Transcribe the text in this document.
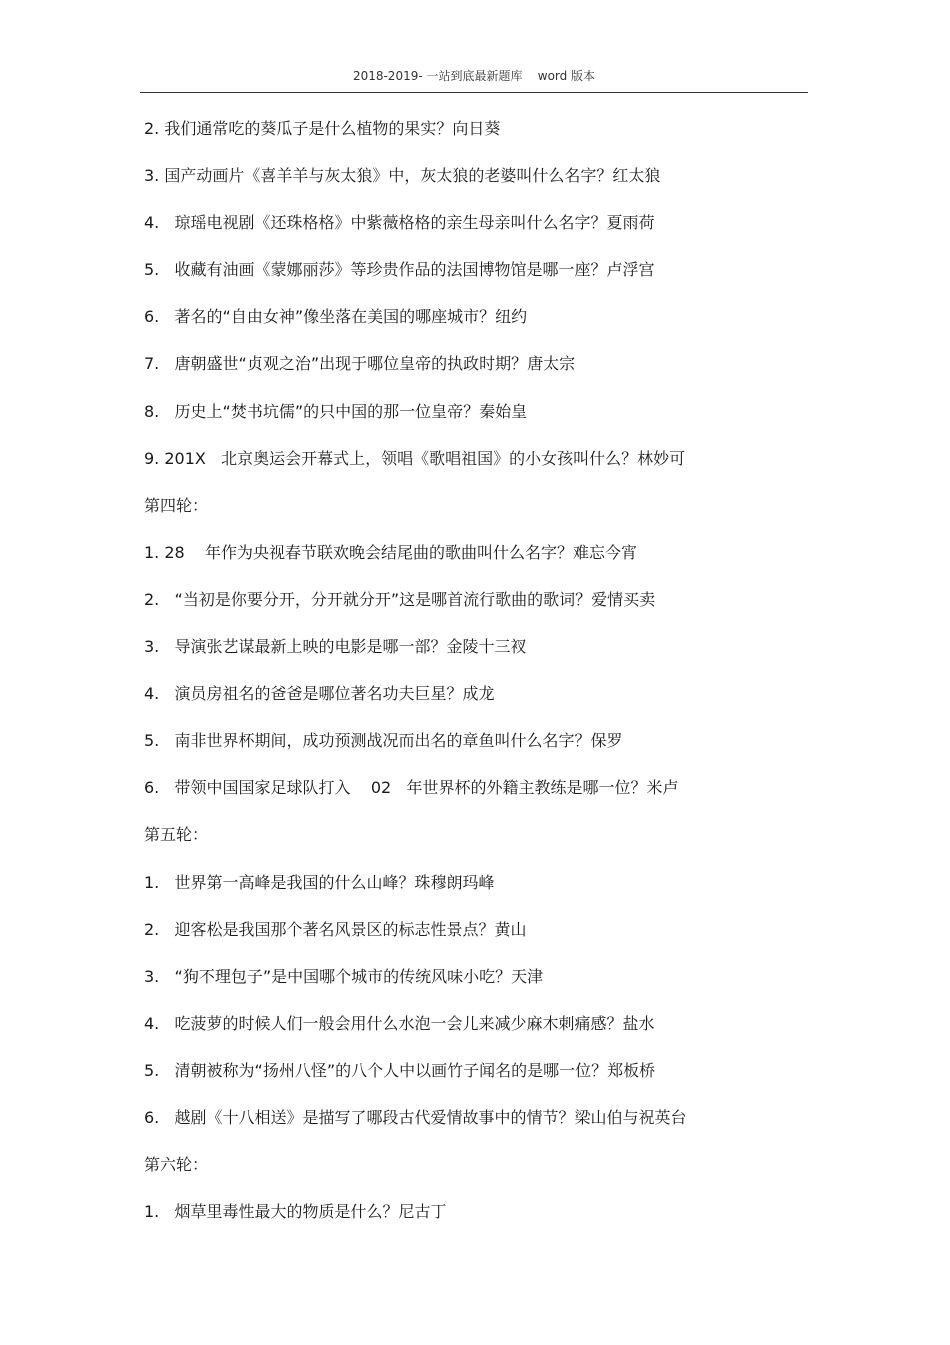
2018-2019- 一站到底最新题库    word 版本
2. 我们通常吃的葵瓜子是什么植物的果实？向日葵
3. 国产动画片《喜羊羊与灰太狼》中，灰太狼的老婆叫什么名字？红太狼
4.   琼瑶电视剧《还珠格格》中紫薇格格的亲生母亲叫什么名字？夏雨荷
5.   收藏有油画《蒙娜丽莎》等珍贵作品的法国博物馆是哪一座？卢浮宫
6.   著名的“自由女神”像坐落在美国的哪座城市？纽约
7.   唐朝盛世“贞观之治”出现于哪位皇帝的执政时期？唐太宗
8.   历史上“焚书坑儒”的只中国的那一位皇帝？秦始皇
9. 201X   北京奥运会开幕式上，领唱《歌唱祖国》的小女孩叫什么？林妙可
第四轮：
1. 28    年作为央视春节联欢晚会结尾曲的歌曲叫什么名字？难忘今宵
2.   “当初是你要分开，分开就分开”这是哪首流行歌曲的歌词？爱情买卖
3.   导演张艺谋最新上映的电影是哪一部？金陵十三衩
4.   演员房祖名的爸爸是哪位著名功夫巨星？成龙
5.   南非世界杯期间，成功预测战况而出名的章鱼叫什么名字？保罗
6.   带领中国国家足球队打入    02   年世界杯的外籍主教练是哪一位？米卢
第五轮：
1.   世界第一高峰是我国的什么山峰？珠穆朗玛峰
2.   迎客松是我国那个著名风景区的标志性景点？黄山
3.   “狗不理包子”是中国哪个城市的传统风味小吃？天津
4.   吃菠萝的时候人们一般会用什么水泡一会儿来减少麻木刺痛感？盐水
5.   清朝被称为“扬州八怪”的八个人中以画竹子闻名的是哪一位？郑板桥
6.   越剧《十八相送》是描写了哪段古代爱情故事中的情节？梁山伯与祝英台
第六轮：
1.   烟草里毒性最大的物质是什么？尼古丁
